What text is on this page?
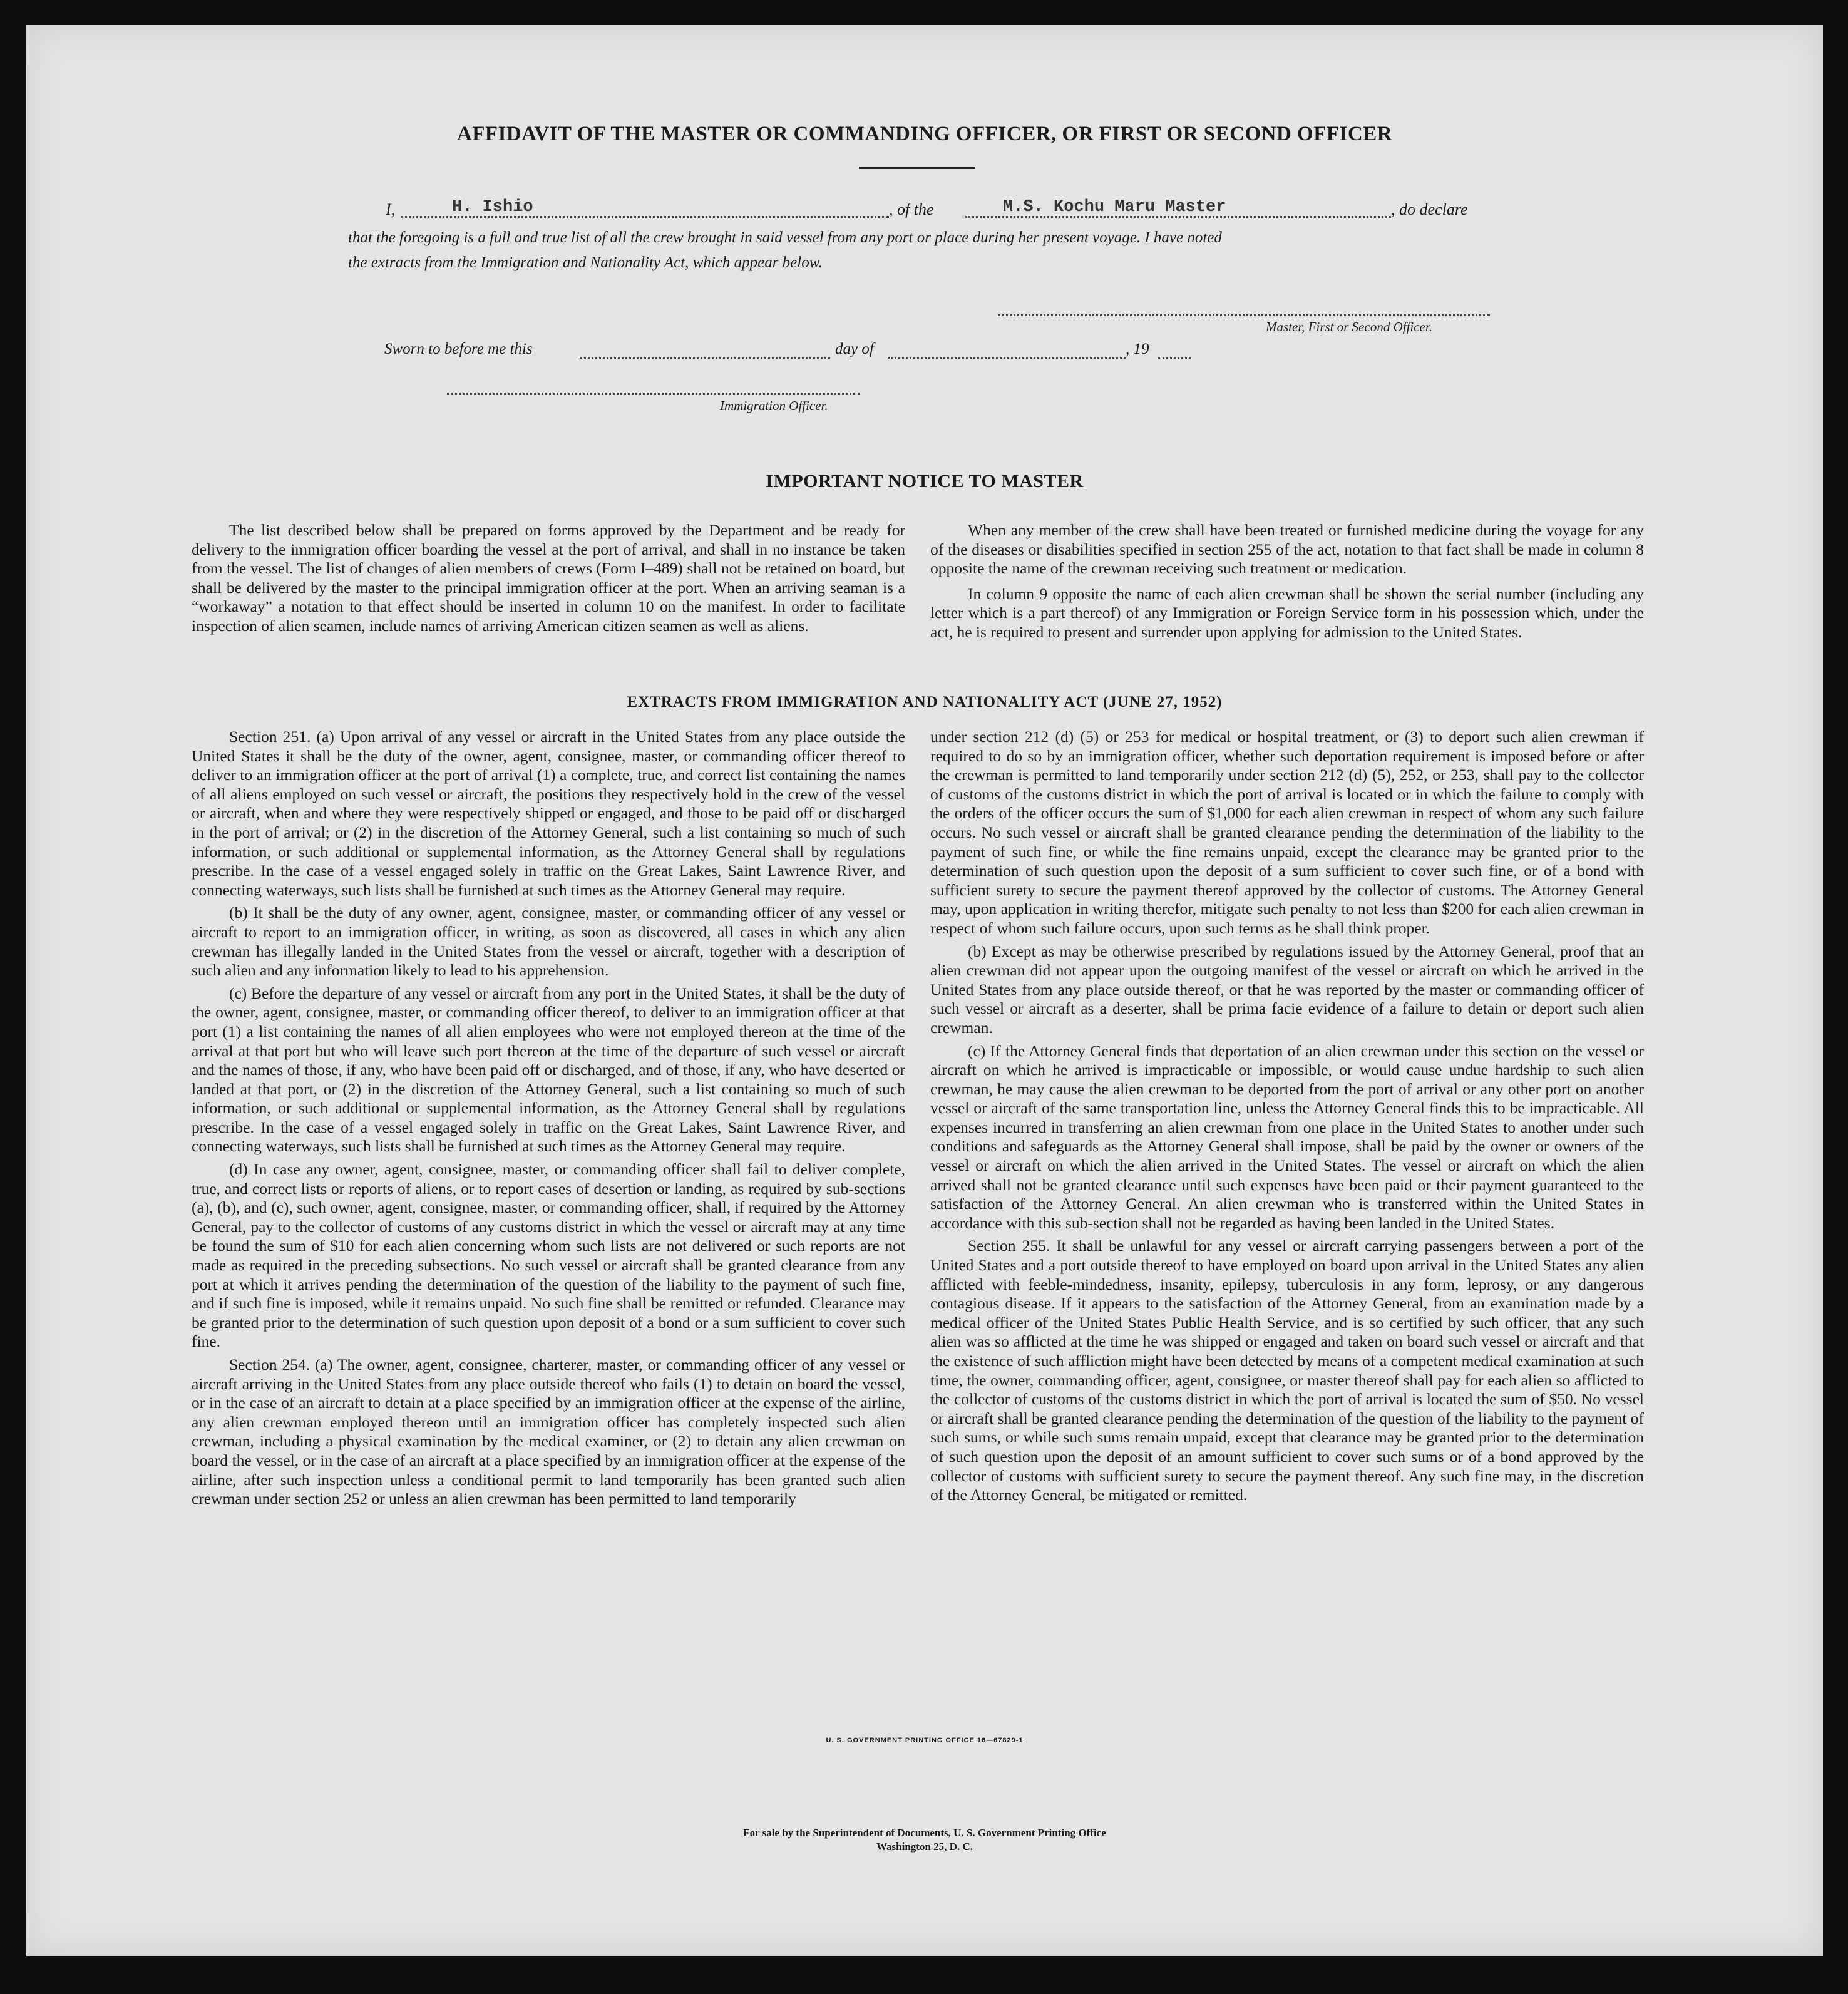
AFFIDAVIT OF THE MASTER OR COMMANDING OFFICER, OR FIRST OR SECOND OFFICER
I,	H. Ishio	, of the	M.S. Kochu Maru Master	, do declare
that the foregoing is a full and true list of all the crew brought in said vessel from any port or place during her present voyage. I have noted
the extracts from the Immigration and Nationality Act, which appear below.
Master, First or Second Officer.
Sworn to before me this	day of	, 19
Immigration Officer.
IMPORTANT NOTICE TO MASTER

The list described below shall be prepared on forms approved by the Department and be ready for delivery to the immigration officer boarding the vessel at the port of arrival, and shall in no instance be taken from the vessel. The list of changes of alien members of crews (Form I–489) shall not be retained on board, but shall be delivered by the master to the principal immigration officer at the port. When an arriving seaman is a “workaway” a notation to that effect should be inserted in column 10 on the manifest. In order to facilitate inspection of alien seamen, include names of arriving American citizen seamen as well as aliens.

When any member of the crew shall have been treated or furnished medicine during the voyage for any of the diseases or disabilities specified in section 255 of the act, notation to that fact shall be made in column 8 opposite the name of the crewman receiving such treatment or medication.

In column 9 opposite the name of each alien crewman shall be shown the serial number (including any letter which is a part thereof) of any Immigration or Foreign Service form in his possession which, under the act, he is required to present and surrender upon applying for admission to the United States.

EXTRACTS FROM IMMIGRATION AND NATIONALITY ACT (JUNE 27, 1952)

Section 251. (a) Upon arrival of any vessel or aircraft in the United States from any place outside the United States it shall be the duty of the owner, agent, consignee, master, or commanding officer thereof to deliver to an immigration officer at the port of arrival (1) a complete, true, and correct list containing the names of all aliens employed on such vessel or aircraft, the positions they respectively hold in the crew of the vessel or aircraft, when and where they were respectively shipped or engaged, and those to be paid off or discharged in the port of arrival; or (2) in the discretion of the Attorney General, such a list containing so much of such information, or such additional or supplemental information, as the Attorney General shall by regulations prescribe. In the case of a vessel engaged solely in traffic on the Great Lakes, Saint Lawrence River, and connecting waterways, such lists shall be furnished at such times as the Attorney General may require.

(b) It shall be the duty of any owner, agent, consignee, master, or commanding officer of any vessel or aircraft to report to an immigration officer, in writing, as soon as discovered, all cases in which any alien crewman has illegally landed in the United States from the vessel or aircraft, together with a description of such alien and any information likely to lead to his apprehension.

(c) Before the departure of any vessel or aircraft from any port in the United States, it shall be the duty of the owner, agent, consignee, master, or commanding officer thereof, to deliver to an immigration officer at that port (1) a list containing the names of all alien employees who were not employed thereon at the time of the arrival at that port but who will leave such port thereon at the time of the departure of such vessel or aircraft and the names of those, if any, who have been paid off or discharged, and of those, if any, who have deserted or landed at that port, or (2) in the discretion of the Attorney General, such a list containing so much of such information, or such additional or supplemental information, as the Attorney General shall by regulations prescribe. In the case of a vessel engaged solely in traffic on the Great Lakes, Saint Lawrence River, and connecting waterways, such lists shall be furnished at such times as the Attorney General may require.

(d) In case any owner, agent, consignee, master, or commanding officer shall fail to deliver complete, true, and correct lists or reports of aliens, or to report cases of desertion or landing, as required by sub-sections (a), (b), and (c), such owner, agent, consignee, master, or commanding officer, shall, if required by the Attorney General, pay to the collector of customs of any customs district in which the vessel or aircraft may at any time be found the sum of $10 for each alien concerning whom such lists are not delivered or such reports are not made as required in the preceding subsections. No such vessel or aircraft shall be granted clearance from any port at which it arrives pending the determination of the question of the liability to the payment of such fine, and if such fine is imposed, while it remains unpaid. No such fine shall be remitted or refunded. Clearance may be granted prior to the determination of such question upon deposit of a bond or a sum sufficient to cover such fine.

Section 254. (a) The owner, agent, consignee, charterer, master, or commanding officer of any vessel or aircraft arriving in the United States from any place outside thereof who fails (1) to detain on board the vessel, or in the case of an aircraft to detain at a place specified by an immigration officer at the expense of the airline, any alien crewman employed thereon until an immigration officer has completely inspected such alien crewman, including a physical examination by the medical examiner, or (2) to detain any alien crewman on board the vessel, or in the case of an aircraft at a place specified by an immigration officer at the expense of the airline, after such inspection unless a conditional permit to land temporarily has been granted such alien crewman under section 252 or unless an alien crewman has been permitted to land temporarily

under section 212 (d) (5) or 253 for medical or hospital treatment, or (3) to deport such alien crewman if required to do so by an immigration officer, whether such deportation requirement is imposed before or after the crewman is permitted to land temporarily under section 212 (d) (5), 252, or 253, shall pay to the collector of customs of the customs district in which the port of arrival is located or in which the failure to comply with the orders of the officer occurs the sum of $1,000 for each alien crewman in respect of whom any such failure occurs. No such vessel or aircraft shall be granted clearance pending the determination of the liability to the payment of such fine, or while the fine remains unpaid, except the clearance may be granted prior to the determination of such question upon the deposit of a sum sufficient to cover such fine, or of a bond with sufficient surety to secure the payment thereof approved by the collector of customs. The Attorney General may, upon application in writing therefor, mitigate such penalty to not less than $200 for each alien crewman in respect of whom such failure occurs, upon such terms as he shall think proper.

(b) Except as may be otherwise prescribed by regulations issued by the Attorney General, proof that an alien crewman did not appear upon the outgoing manifest of the vessel or aircraft on which he arrived in the United States from any place outside thereof, or that he was reported by the master or commanding officer of such vessel or aircraft as a deserter, shall be prima facie evidence of a failure to detain or deport such alien crewman.

(c) If the Attorney General finds that deportation of an alien crewman under this section on the vessel or aircraft on which he arrived is impracticable or impossible, or would cause undue hardship to such alien crewman, he may cause the alien crewman to be deported from the port of arrival or any other port on another vessel or aircraft of the same transportation line, unless the Attorney General finds this to be impracticable. All expenses incurred in transferring an alien crewman from one place in the United States to another under such conditions and safeguards as the Attorney General shall impose, shall be paid by the owner or owners of the vessel or aircraft on which the alien arrived in the United States. The vessel or aircraft on which the alien arrived shall not be granted clearance until such expenses have been paid or their payment guaranteed to the satisfaction of the Attorney General. An alien crewman who is transferred within the United States in accordance with this sub-section shall not be regarded as having been landed in the United States.

Section 255. It shall be unlawful for any vessel or aircraft carrying passengers between a port of the United States and a port outside thereof to have employed on board upon arrival in the United States any alien afflicted with feeble-mindedness, insanity, epilepsy, tuberculosis in any form, leprosy, or any dangerous contagious disease. If it appears to the satisfaction of the Attorney General, from an examination made by a medical officer of the United States Public Health Service, and is so certified by such officer, that any such alien was so afflicted at the time he was shipped or engaged and taken on board such vessel or aircraft and that the existence of such affliction might have been detected by means of a competent medical examination at such time, the owner, commanding officer, agent, consignee, or master thereof shall pay for each alien so afflicted to the collector of customs of the customs district in which the port of arrival is located the sum of $50. No vessel or aircraft shall be granted clearance pending the determination of the question of the liability to the payment of such sums, or while such sums remain unpaid, except that clearance may be granted prior to the determination of such question upon the deposit of an amount sufficient to cover such sums or of a bond approved by the collector of customs with sufficient surety to secure the payment thereof. Any such fine may, in the discretion of the Attorney General, be mitigated or remitted.

U. S. GOVERNMENT PRINTING OFFICE 16—67829-1
For sale by the Superintendent of Documents, U. S. Government Printing Office
Washington 25, D. C.
